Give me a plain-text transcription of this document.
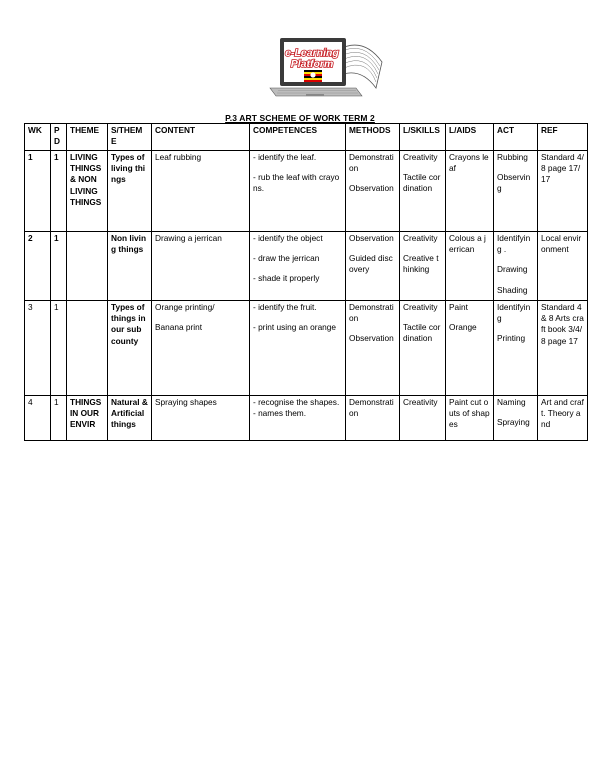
e-Learning
Platform
P.3 ART SCHEME OF WORK TERM 2
WK	P D	THEME	S/THEM E	CONTENT	COMPETENCES	METHODS	L/SKILLS	L/AIDS	ACT	REF
1	1	LIVING THINGS & NON LIVING THINGS	Types of living things	Leaf rubbing	- identify the leaf.
- rub the leaf with crayons.	Demonstration
Observation	Creativity
Tactile cordination	Crayons leaf	Rubbing
Observing	Standard 4/8 page 17/17
2	1		Non living things	Drawing a jerrican	- identify the object
- draw the jerrican
- shade it properly	Observation
Guided discovery	Creativity
Creative thinking	Colous a jerrican	Identifying .
Drawing
Shading	Local environment
3	1		Types of things in our sub county	Orange printing/
Banana print	- identify the fruit.
- print using an orange	Demonstration
Observation	Creativity
Tactile cordination	Paint
Orange	Identifying
Printing	Standard 4 & 8 Arts craft book 3/4/8 page 17
4	1	THINGS IN OUR ENVIR	Natural & Artificial things	Spraying shapes	- recognise the shapes.
- names them.	Demonstration	Creativity	Paint cut outs of shapes	Naming
Spraying	Art and craft. Theory and
